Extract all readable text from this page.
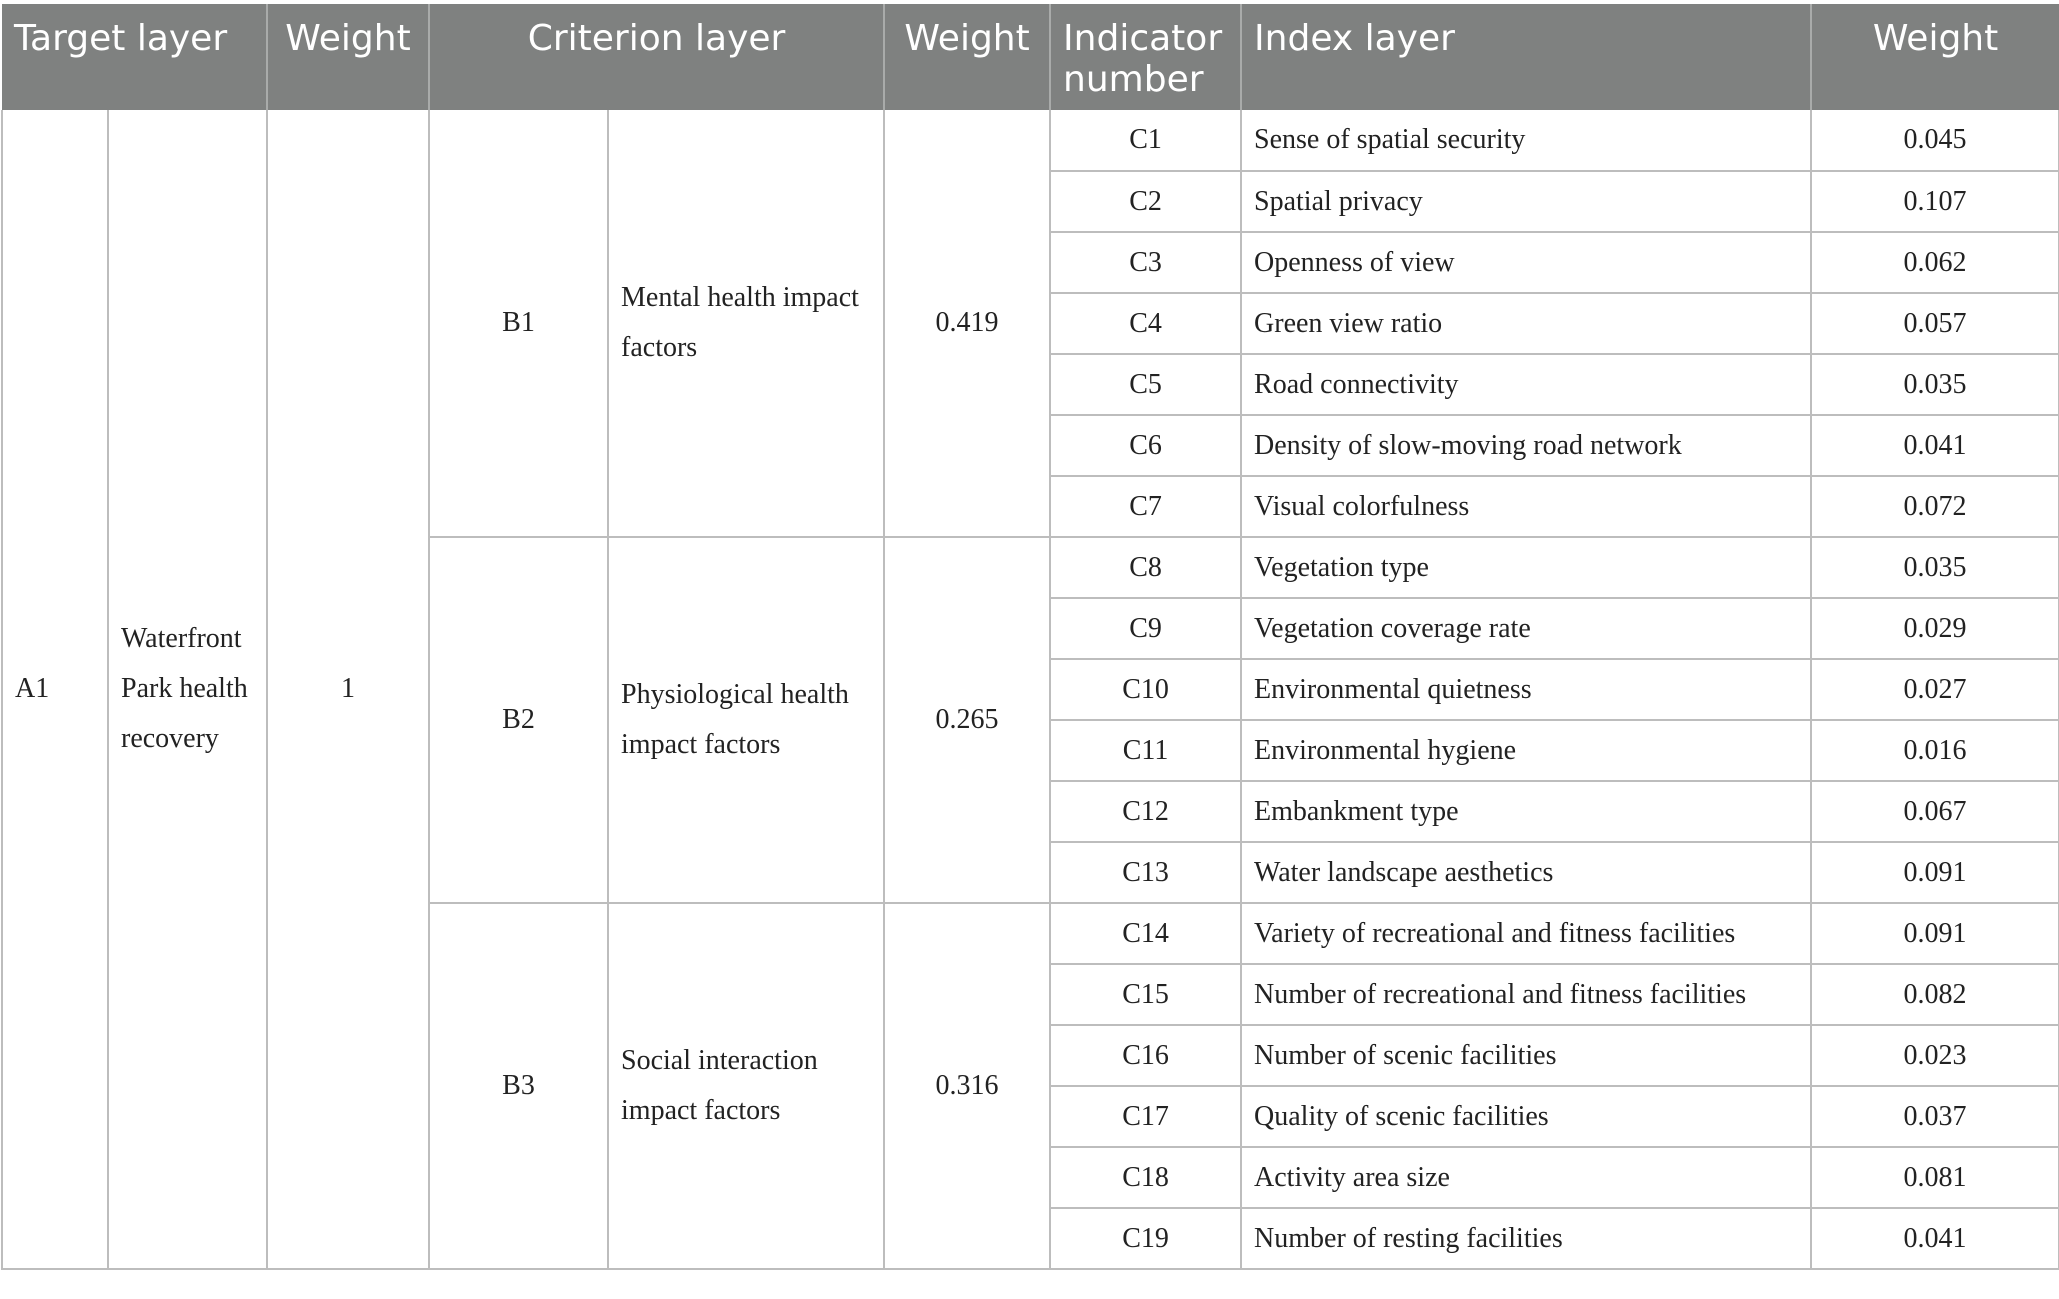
Target layer		Weight	Criterion layer		Weight	Indicator number	Index layer	Weight
A1	Waterfront Park health recovery	1	B1	Mental health impact factors	0.419	C1	Sense of spatial security	0.045
						C2	Spatial privacy	0.107
						C3	Openness of view	0.062
						C4	Green view ratio	0.057
						C5	Road connectivity	0.035
						C6	Density of slow-moving road network	0.041
						C7	Visual colorfulness	0.072
			B2	Physiological health impact factors	0.265	C8	Vegetation type	0.035
						C9	Vegetation coverage rate	0.029
						C10	Environmental quietness	0.027
						C11	Environmental hygiene	0.016
						C12	Embankment type	0.067
						C13	Water landscape aesthetics	0.091
			B3	Social interaction impact factors	0.316	C14	Variety of recreational and fitness facilities	0.091
						C15	Number of recreational and fitness facilities	0.082
						C16	Number of scenic facilities	0.023
						C17	Quality of scenic facilities	0.037
						C18	Activity area size	0.081
						C19	Number of resting facilities	0.041
